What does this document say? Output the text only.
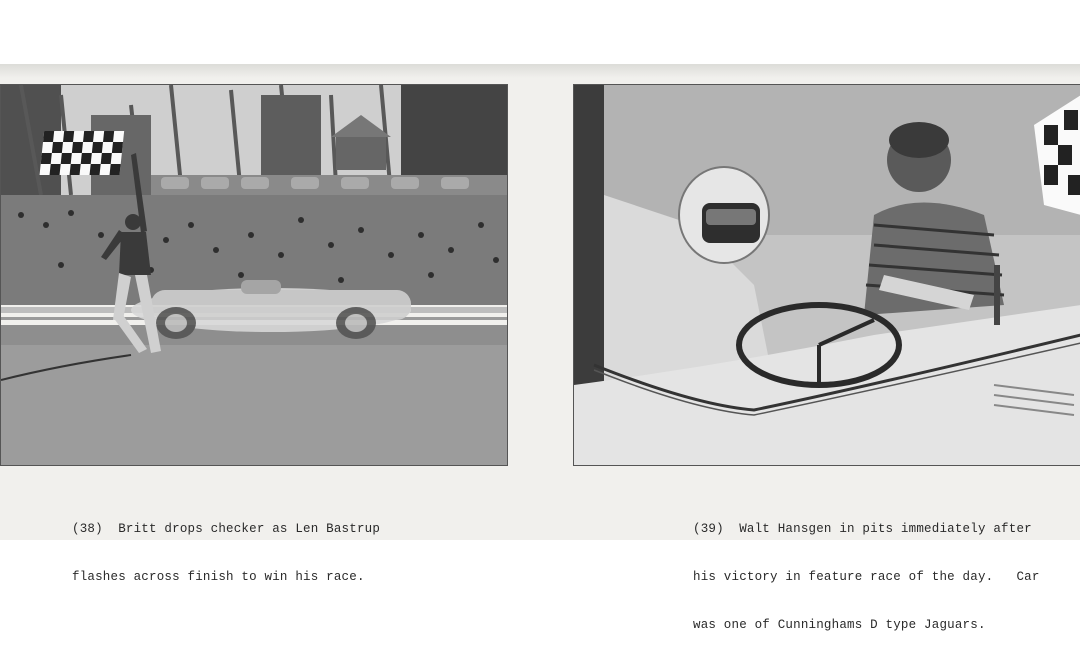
(38)  Britt drops checker as Len Bastrup

flashes across finish to win his race.

(39)  Walt Hansgen in pits immediately after

his victory in feature race of the day.   Car

was one of Cunninghams D type Jaguars.
